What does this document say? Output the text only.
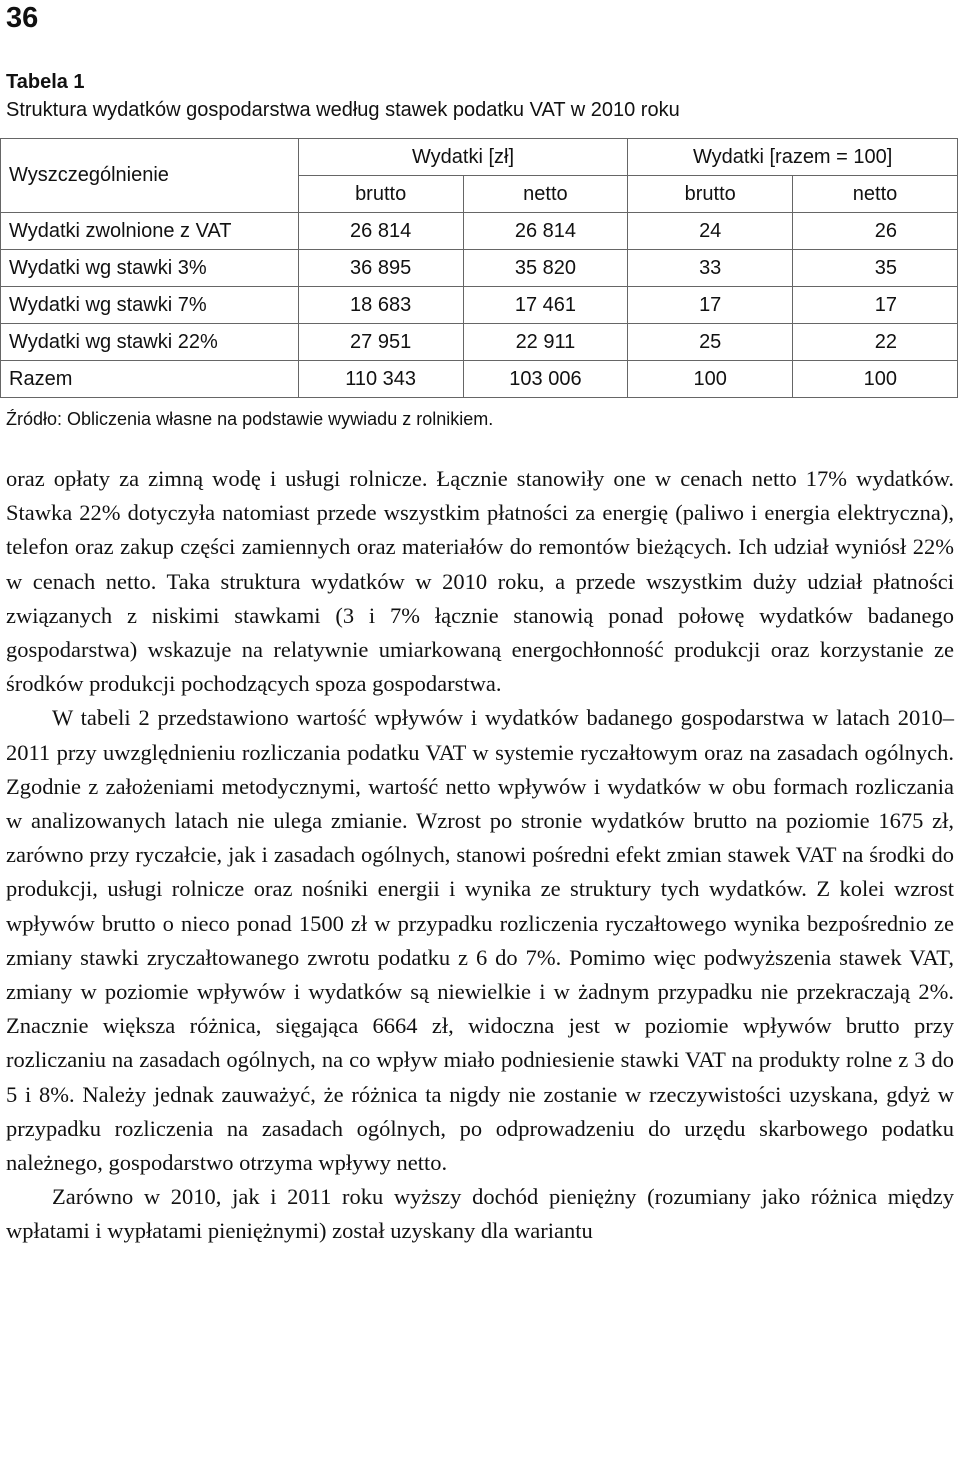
36
Tabela 1
Struktura wydatków gospodarstwa według stawek podatku VAT w 2010 roku
Wyszczególnienie	Wydatki [zł]		Wydatki [razem = 100]	
	brutto	netto	brutto	netto
Wydatki zwolnione z VAT	26 814	26 814	24	26
Wydatki wg stawki 3%	36 895	35 820	33	35
Wydatki wg stawki 7%	18 683	17 461	17	17
Wydatki wg stawki 22%	27 951	22 911	25	22
Razem	110 343	103 006	100	100
Źródło: Obliczenia własne na podstawie wywiadu z rolnikiem.

oraz opłaty za zimną wodę i usługi rolnicze. Łącznie stanowiły one w cenach netto 17% wydatków. Stawka 22% dotyczyła natomiast przede wszystkim płatności za energię (paliwo i energia elektryczna), telefon oraz zakup części zamiennych oraz materiałów do remontów bieżących. Ich udział wyniósł 22% w cenach netto. Taka struktura wydatków w 2010 roku, a przede wszystkim duży udział płatności związanych z niskimi stawkami (3 i 7% łącznie stanowią ponad połowę wydatków badanego gospodarstwa) wskazuje na relatywnie umiarkowaną energochłonność produkcji oraz korzystanie ze środków produkcji pochodzących spoza gospodarstwa.

W tabeli 2 przedstawiono wartość wpływów i wydatków badanego gospodarstwa w latach 2010–2011 przy uwzględnieniu rozliczania podatku VAT w systemie ryczałtowym oraz na zasadach ogólnych. Zgodnie z założeniami metodycznymi, wartość netto wpływów i wydatków w obu formach rozliczania w analizowanych latach nie ulega zmianie. Wzrost po stronie wydatków brutto na poziomie 1675 zł, zarówno przy ryczałcie, jak i zasadach ogólnych, stanowi pośredni efekt zmian stawek VAT na środki do produkcji, usługi rolnicze oraz nośniki energii i wynika ze struktury tych wydatków. Z kolei wzrost wpływów brutto o nieco ponad 1500 zł w przypadku rozliczenia ryczałtowego wynika bezpośrednio ze zmiany stawki zryczałtowanego zwrotu podatku z 6 do 7%. Pomimo więc podwyższenia stawek VAT, zmiany w poziomie wpływów i wydatków są niewielkie i w żadnym przypadku nie przekraczają 2%. Znacznie większa różnica, sięgająca 6664 zł, widoczna jest w poziomie wpływów brutto przy rozliczaniu na zasadach ogólnych, na co wpływ miało podniesienie stawki VAT na produkty rolne z 3 do 5 i 8%. Należy jednak zauważyć, że różnica ta nigdy nie zostanie w rzeczywistości uzyskana, gdyż w przypadku rozliczenia na zasadach ogólnych, po odprowadzeniu do urzędu skarbowego podatku należnego, gospodarstwo otrzyma wpływy netto.

Zarówno w 2010, jak i 2011 roku wyższy dochód pieniężny (rozumiany jako różnica między wpłatami i wypłatami pieniężnymi) został uzyskany dla wariantu
